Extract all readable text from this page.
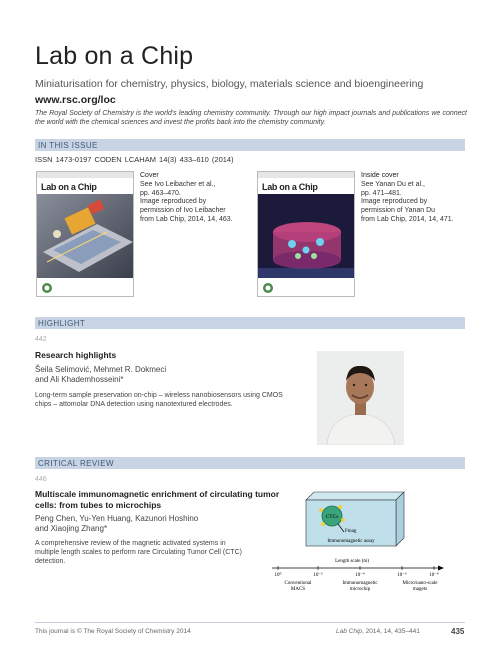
Lab on a Chip
Miniaturisation for chemistry, physics, biology, materials science and bioengineering
www.rsc.org/loc
The Royal Society of Chemistry is the world's leading chemistry community. Through our high impact journals and publications we connect the world with the chemical sciences and invest the profits back into the chemistry community.
IN THIS ISSUE
ISSN 1473-0197 CODEN LCAHAM 14(3) 433–610 (2014)
Lab on a Chip
Cover
See Ivo Leibacher et al.,
pp. 463–470.
Image reproduced by
permission of Ivo Leibacher
from Lab Chip, 2014, 14, 463.
Lab on a Chip
Inside cover
See Yanan Du et al.,
pp. 471–481.
Image reproduced by
permission of Yanan Du
from Lab Chip, 2014, 14, 471.
HIGHLIGHT
442
Research highlights
Šeila Selimović, Mehmet R. Dokmeci
and Ali Khademhosseini*
Long-term sample preservation on-chip – wireless nanobiosensors using CMOS chips – attomolar DNA detection using nanotextured electrodes.
CRITICAL REVIEW
446
Multiscale immunomagnetic enrichment of circulating tumor cells: from tubes to microchips
Peng Chen, Yu-Yen Huang, Kazunori Hoshino
and Xiaojing Zhang*
A comprehensive review of the magnetic activated systems in multiple length scales to perform rare Circulating Tumor Cell (CTC) detection.
CTCs
Fmag
Immunomagnetic assay
Length scale (m)
10⁰	10⁻²	10⁻⁴	10⁻⁶	10⁻⁹
Conventional
MACS
Immunomagnetic
microchip
Micro/nano-scale
magets
This journal is © The Royal Society of Chemistry 2014	Lab Chip, 2014, 14, 435–441	435
